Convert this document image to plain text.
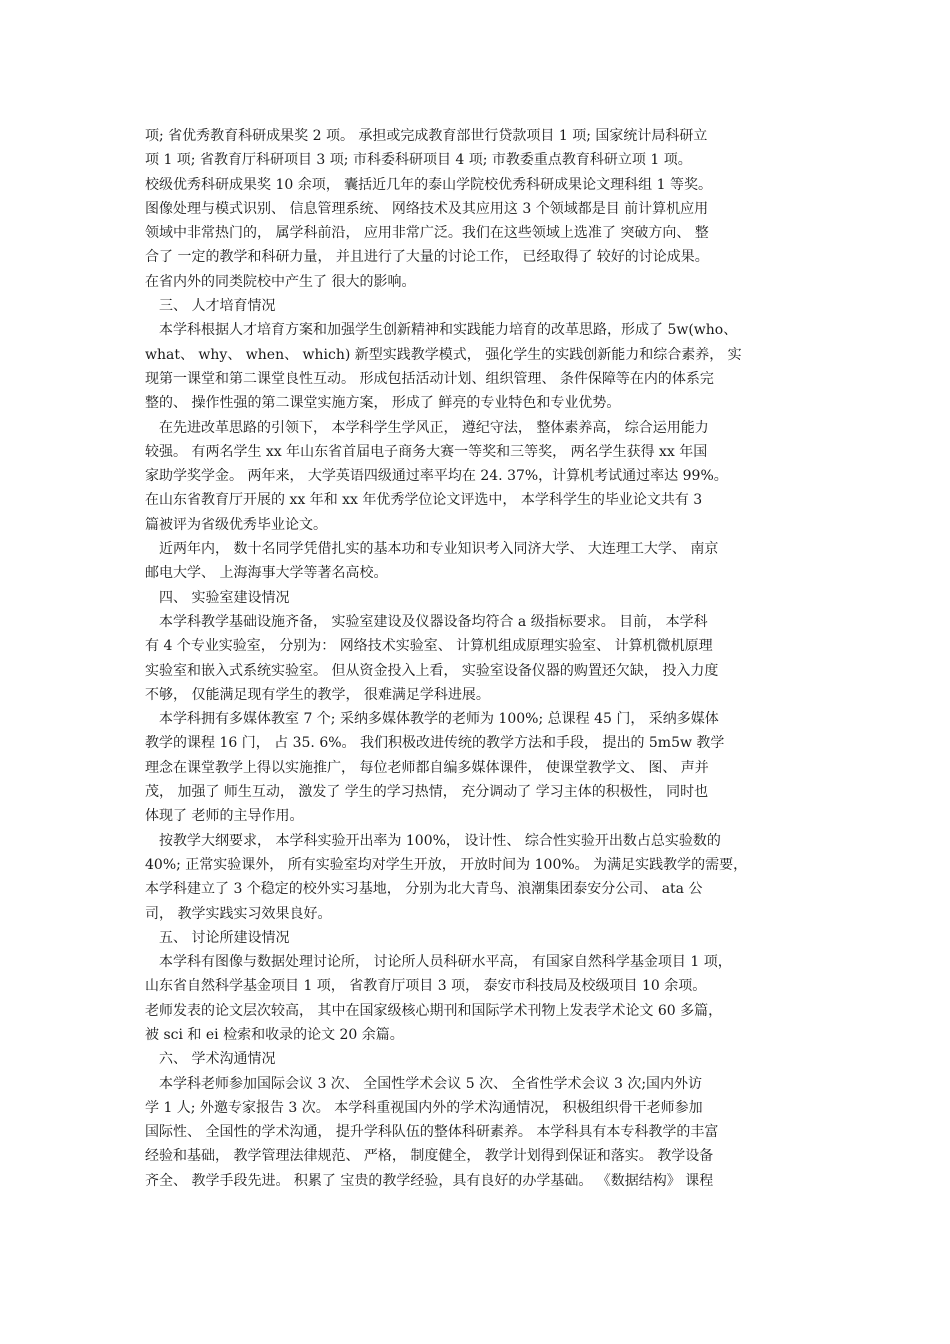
项; 省优秀教育科研成果奖 2 项。 承担或完成教育部世行贷款项目 1 项; 国家统计局科研立
项 1 项; 省教育厅科研项目 3 项; 市科委科研项目 4 项; 市教委重点教育科研立项 1 项。
校级优秀科研成果奖 10 余项， 囊括近几年的泰山学院校优秀科研成果论文理科组 1 等奖。
图像处理与模式识别、 信息管理系统、 网络技术及其应用这 3 个领域都是目 前计算机应用
领域中非常热门的， 属学科前沿， 应用非常广泛。我们在这些领域上选准了 突破方向、 整
合了 一定的教学和科研力量， 并且进行了大量的讨论工作， 已经取得了 较好的讨论成果。
在省内外的同类院校中产生了 很大的影响。
　三、 人才培育情况
　本学科根据人才培育方案和加强学生创新精神和实践能力培育的改革思路，形成了 5w(who、
what、 why、 when、 which) 新型实践教学模式， 强化学生的实践创新能力和综合素养， 实
现第一课堂和第二课堂良性互动。 形成包括活动计划、组织管理、 条件保障等在内的体系完
整的、 操作性强的第二课堂实施方案， 形成了 鲜亮的专业特色和专业优势。
　在先进改革思路的引领下， 本学科学生学风正， 遵纪守法， 整体素养高， 综合运用能力
较强。 有两名学生 xx 年山东省首届电子商务大赛一等奖和三等奖， 两名学生获得 xx 年国
家助学奖学金。 两年来， 大学英语四级通过率平均在 24. 37%，计算机考试通过率达 99%。
在山东省教育厅开展的 xx 年和 xx 年优秀学位论文评选中， 本学科学生的毕业论文共有 3
篇被评为省级优秀毕业论文。
　近两年内， 数十名同学凭借扎实的基本功和专业知识考入同济大学、 大连理工大学、 南京
邮电大学、 上海海事大学等著名高校。
　四、 实验室建设情况
　本学科教学基础设施齐备， 实验室建设及仪器设备均符合 a 级指标要求。 目前， 本学科
有 4 个专业实验室， 分别为： 网络技术实验室、 计算机组成原理实验室、 计算机微机原理
实验室和嵌入式系统实验室。 但从资金投入上看， 实验室设备仪器的购置还欠缺， 投入力度
不够， 仅能满足现有学生的教学， 很难满足学科进展。
　本学科拥有多媒体教室 7 个; 采纳多媒体教学的老师为 100%; 总课程 45 门， 采纳多媒体
教学的课程 16 门， 占 35. 6%。 我们积极改进传统的教学方法和手段， 提出的 5m5w 教学
理念在课堂教学上得以实施推广， 每位老师都自编多媒体课件， 使课堂教学文、 图、 声并
茂， 加强了 师生互动， 激发了 学生的学习热情， 充分调动了 学习主体的积极性， 同时也
体现了 老师的主导作用。
　按教学大纲要求， 本学科实验开出率为 100%， 设计性、 综合性实验开出数占总实验数的
40%; 正常实验课外， 所有实验室均对学生开放， 开放时间为 100%。 为满足实践教学的需要，
本学科建立了 3 个稳定的校外实习基地， 分别为北大青鸟、浪潮集团泰安分公司、 ata 公
司， 教学实践实习效果良好。
　五、 讨论所建设情况
　本学科有图像与数据处理讨论所， 讨论所人员科研水平高， 有国家自然科学基金项目 1 项，
山东省自然科学基金项目 1 项， 省教育厅项目 3 项， 泰安市科技局及校级项目 10 余项。
老师发表的论文层次较高， 其中在国家级核心期刊和国际学术刊物上发表学术论文 60 多篇，
被 sci 和 ei 检索和收录的论文 20 余篇。
　六、 学术沟通情况
　本学科老师参加国际会议 3 次、 全国性学术会议 5 次、 全省性学术会议 3 次;国内外访
学 1 人; 外邀专家报告 3 次。 本学科重视国内外的学术沟通情况， 积极组织骨干老师参加
国际性、 全国性的学术沟通， 提升学科队伍的整体科研素养。 本学科具有本专科教学的丰富
经验和基础， 教学管理法律规范、 严格， 制度健全， 教学计划得到保证和落实。 教学设备
齐全、 教学手段先进。 积累了 宝贵的教学经验，具有良好的办学基础。 《数据结构》 课程
